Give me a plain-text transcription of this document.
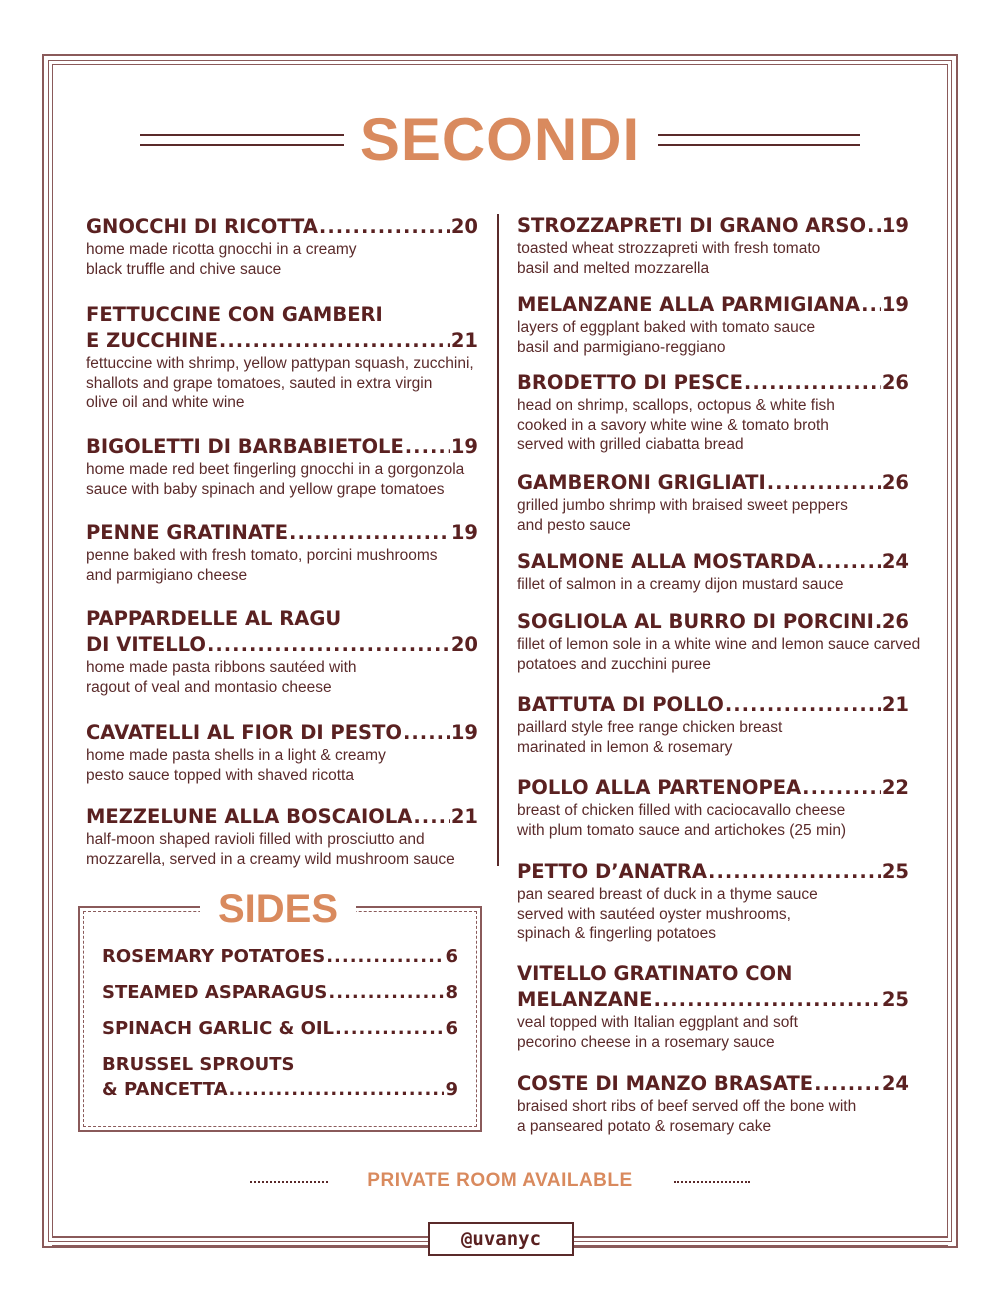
SECONDI
GNOCCHI DI RICOTTA .....	20
home made ricotta gnocchi in a creamy
black truffle and chive sauce
FETTUCCINE CON GAMBERI
E ZUCCHINE .....	21
fettuccine with shrimp, yellow pattypan squash, zucchini,
shallots and grape tomatoes, sauted in extra virgin
olive oil and white wine
BIGOLETTI DI BARBABIETOLE ..... 19
home made red beet fingerling gnocchi in a gorgonzola
sauce with baby spinach and yellow grape tomatoes
PENNE GRATINATE .....	19
penne baked with fresh tomato, porcini mushrooms
and parmigiano cheese
PAPPARDELLE AL RAGU
DI VITELLO .....	20
home made pasta ribbons sautéed with
ragout of veal and montasio cheese
CAVATELLI AL FIOR DI PESTO .....	19
home made pasta shells in a light & creamy
pesto sauce topped with shaved ricotta
MEZZELUNE ALLA BOSCAIOLA ..... 21
half-moon shaped ravioli filled with prosciutto and
mozzarella, served in a creamy wild mushroom sauce
STROZZAPRETI DI GRANO ARSO ..... 19
toasted wheat strozzapreti with fresh tomato
basil and melted mozzarella
MELANZANE ALLA PARMIGIANA ..... 19
layers of eggplant baked with tomato sauce
basil and parmigiano-reggiano
BRODETTO DI PESCE .....	26
head on shrimp, scallops, octopus & white fish
cooked in a savory white wine & tomato broth
served with grilled ciabatta bread
GAMBERONI GRIGLIATI .....	26
grilled jumbo shrimp with braised sweet peppers
and pesto sauce
SALMONE ALLA MOSTARDA .....	24
fillet of salmon in a creamy dijon mustard sauce
SOGLIOLA AL BURRO DI PORCINI ..... 26
fillet of lemon sole in a white wine and lemon sauce carved
potatoes and zucchini puree
BATTUTA DI POLLO .....	21
paillard style free range chicken breast
marinated in lemon & rosemary
POLLO ALLA PARTENOPEA .....	22
breast of chicken filled with caciocavallo cheese
with plum tomato sauce and artichokes (25 min)
PETTO D’ANATRA .....	25
pan seared breast of duck in a thyme sauce
served with sautéed oyster mushrooms,
spinach & fingerling potatoes
VITELLO GRATINATO CON
MELANZANE .....	25
veal topped with Italian eggplant and soft
pecorino cheese in a rosemary sauce
COSTE DI MANZO BRASATE .....	24
braised short ribs of beef served off the bone with
a panseared potato & rosemary cake
SIDES
ROSEMARY POTATOES .....	6
STEAMED ASPARAGUS .....	8
SPINACH GARLIC & OIL .....	6
BRUSSEL SPROUTS
& PANCETTA .....	9
PRIVATE ROOM AVAILABLE
@uvanyc
